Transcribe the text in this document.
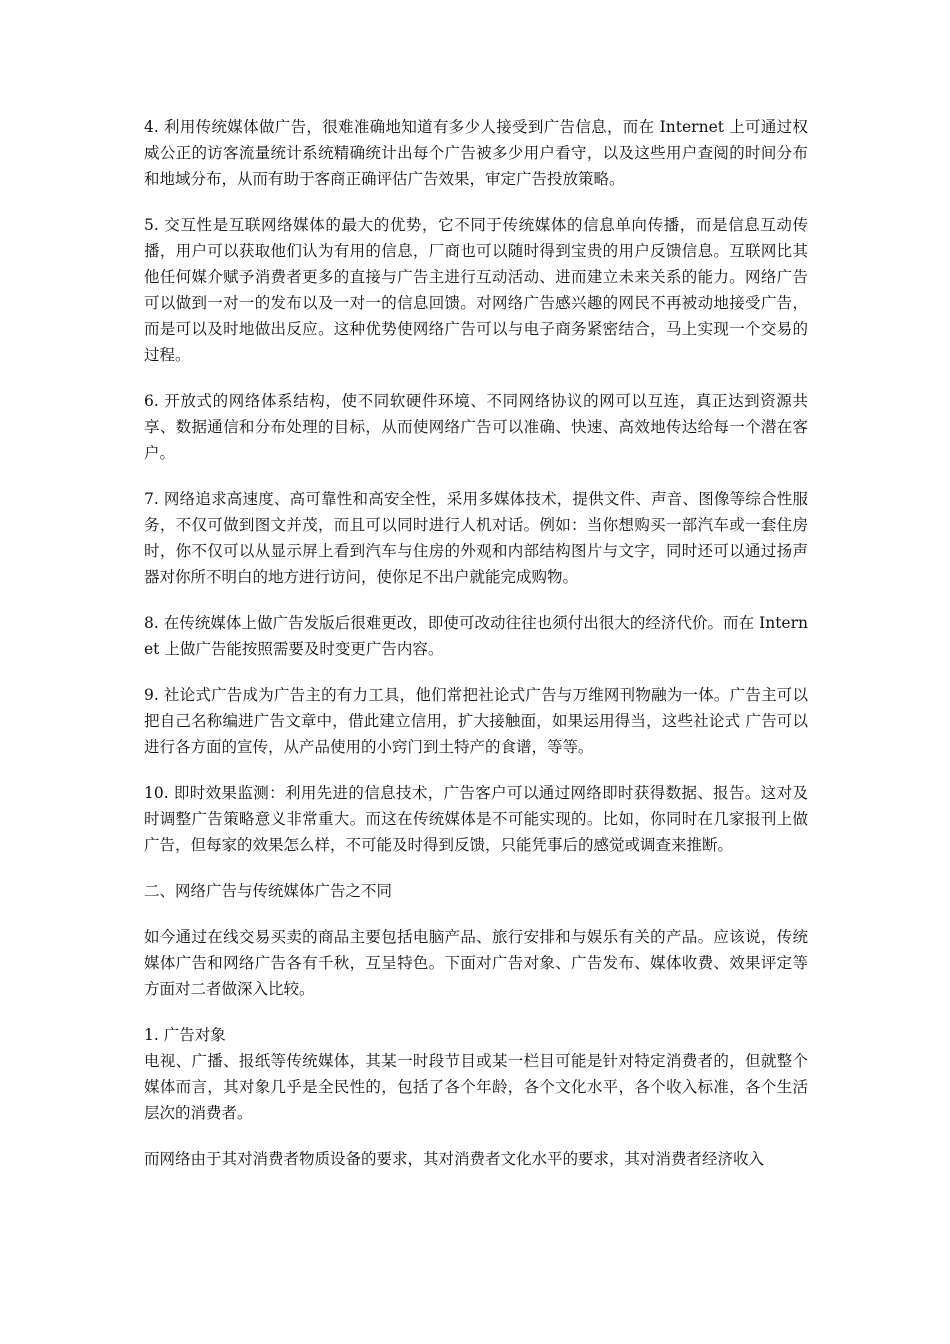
4. 利用传统媒体做广告，很难准确地知道有多少人接受到广告信息，而在 Internet 上可通过权威公正的访客流量统计系统精确统计出每个广告被多少用户看守，以及这些用户查阅的时间分布和地域分布，从而有助于客商正确评估广告效果，审定广告投放策略。

5. 交互性是互联网络媒体的最大的优势，它不同于传统媒体的信息单向传播，而是信息互动传播，用户可以获取他们认为有用的信息，厂商也可以随时得到宝贵的用户反馈信息。互联网比其他任何媒介赋予消费者更多的直接与广告主进行互动活动、进而建立未来关系的能力。网络广告可以做到一对一的发布以及一对一的信息回馈。对网络广告感兴趣的网民不再被动地接受广告，而是可以及时地做出反应。这种优势使网络广告可以与电子商务紧密结合，马上实现一个交易的过程。

6. 开放式的网络体系结构，使不同软硬件环境、不同网络协议的网可以互连，真正达到资源共享、数据通信和分布处理的目标，从而使网络广告可以准确、快速、高效地传达给每一个潜在客户。

7. 网络追求高速度、高可靠性和高安全性，采用多媒体技术，提供文件、声音、图像等综合性服务，不仅可做到图文并茂，而且可以同时进行人机对话。例如：当你想购买一部汽车或一套住房时，你不仅可以从显示屏上看到汽车与住房的外观和内部结构图片与文字，同时还可以通过扬声器对你所不明白的地方进行访问，使你足不出户就能完成购物。

8. 在传统媒体上做广告发版后很难更改，即使可改动往往也须付出很大的经济代价。而在 Internet 上做广告能按照需要及时变更广告内容。

9. 社论式广告成为广告主的有力工具，他们常把社论式广告与万维网刊物融为一体。广告主可以把自己名称编进广告文章中，借此建立信用，扩大接触面，如果运用得当，这些社论式 广告可以进行各方面的宣传，从产品使用的小窍门到土特产的食谱，等等。

10. 即时效果监测：利用先进的信息技术，广告客户可以通过网络即时获得数据、报告。这对及时调整广告策略意义非常重大。而这在传统媒体是不可能实现的。比如，你同时在几家报刊上做广告，但每家的效果怎么样，不可能及时得到反馈，只能凭事后的感觉或调查来推断。

二、网络广告与传统媒体广告之不同

如今通过在线交易买卖的商品主要包括电脑产品、旅行安排和与娱乐有关的产品。应该说，传统媒体广告和网络广告各有千秋，互呈特色。下面对广告对象、广告发布、媒体收费、效果评定等方面对二者做深入比较。

1. 广告对象

电视、广播、报纸等传统媒体，其某一时段节目或某一栏目可能是针对特定消费者的，但就整个媒体而言，其对象几乎是全民性的，包括了各个年龄，各个文化水平，各个收入标准，各个生活层次的消费者。

而网络由于其对消费者物质设备的要求，其对消费者文化水平的要求，其对消费者经济收入
